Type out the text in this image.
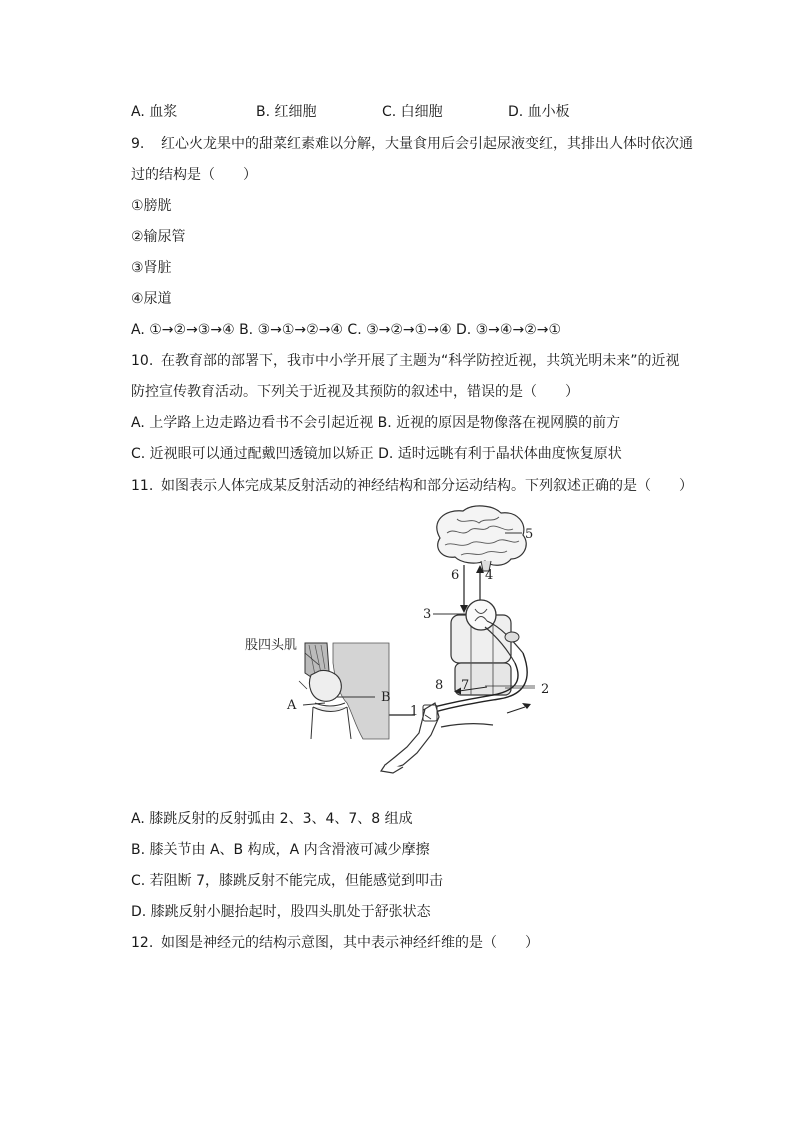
A. 血浆	B. 红细胞	C. 白细胞	D. 血小板
9. 红心火龙果中的甜菜红素难以分解，大量食用后会引起尿液变红，其排出人体时依次通
过的结构是（　　）
①膀胱
②输尿管
③肾脏
④尿道
A. ①→②→③→④ B. ③→①→②→④ C. ③→②→①→④ D. ③→④→②→①
10. 在教育部的部署下，我市中小学开展了主题为“科学防控近视，共筑光明未来”的近视
防控宣传教育活动。下列关于近视及其预防的叙述中，错误的是（　　）
A. 上学路上边走路边看书不会引起近视 B. 近视的原因是物像落在视网膜的前方
C. 近视眼可以通过配戴凹透镜加以矫正 D. 适时远眺有利于晶状体曲度恢复原状
11. 如图表示人体完成某反射活动的神经结构和部分运动结构。下列叙述正确的是（　　）
5
6 4
3
7
8	2
1
A
B
股四头肌
A. 膝跳反射的反射弧由 2、3、4、7、8 组成
B. 膝关节由 A、B 构成，A 内含滑液可减少摩擦
C. 若阻断 7，膝跳反射不能完成，但能感觉到叩击
D. 膝跳反射小腿抬起时，股四头肌处于舒张状态
12. 如图是神经元的结构示意图，其中表示神经纤维的是（　　）
